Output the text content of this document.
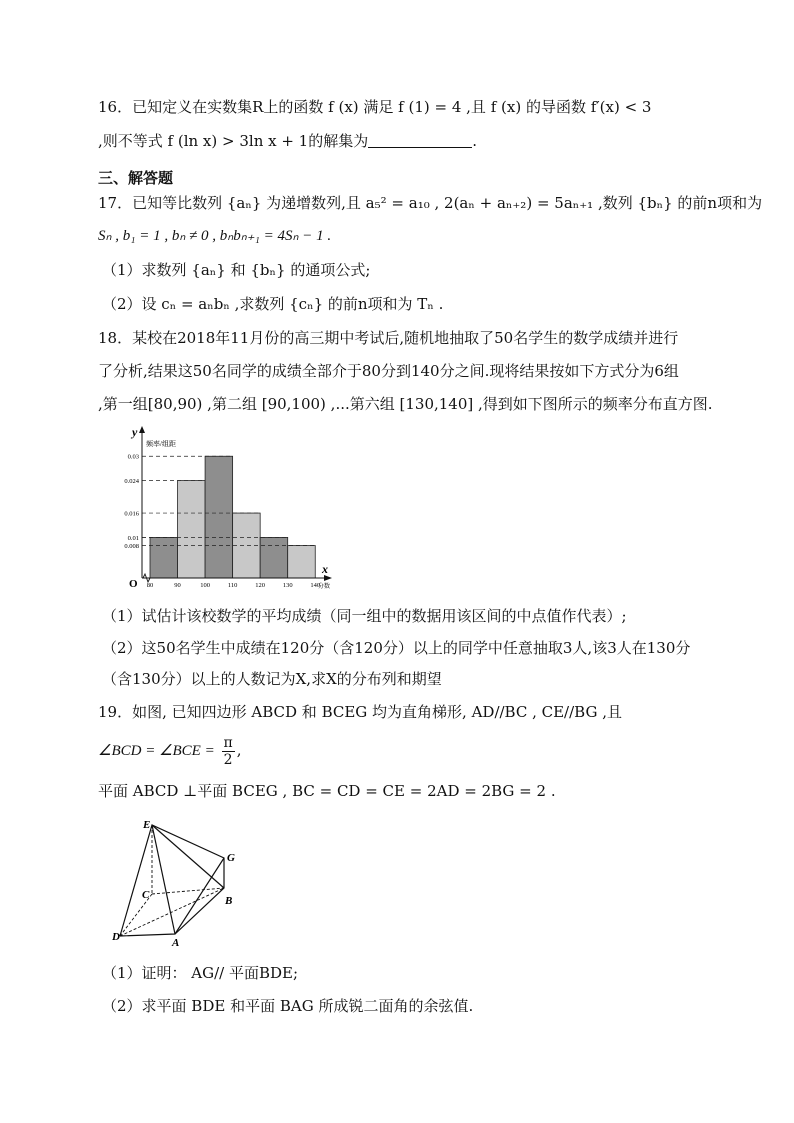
16．已知定义在实数集R上的函数 f (x) 满足 f (1) = 4 ,且 f (x) 的导函数 f′(x) < 3
,则不等式 f (ln x) > 3ln x + 1的解集为	.
三、解答题
17．已知等比数列 {aₙ} 为递增数列,且 a₅² = a₁₀ , 2(aₙ + aₙ₊₂) = 5aₙ₊₁ ,数列 {bₙ} 的前n项和为
Sₙ , b₁ = 1 , bₙ ≠ 0 , bₙbₙ₊₁ = 4Sₙ − 1 .
（1）求数列 {aₙ} 和 {bₙ} 的通项公式;
（2）设 cₙ = aₙbₙ ,求数列 {cₙ} 的前n项和为 Tₙ .
18．某校在2018年11月份的高三期中考试后,随机地抽取了50名学生的数学成绩并进行
了分析,结果这50名同学的成绩全部介于80分到140分之间.现将结果按如下方式分为6组
,第一组[80,90) ,第二组 [90,100) ,...第六组 [130,140] ,得到如下图所示的频率分布直方图.
0.008
0.01
0.016
0.024
0.03
80	90	100	110	120	130	140
y
频率/组距
x
分数
O
（1）试估计该校数学的平均成绩（同一组中的数据用该区间的中点值作代表）;
（2）这50名学生中成绩在120分（含120分）以上的同学中任意抽取3人,该3人在130分
（含130分）以上的人数记为X,求X的分布列和期望
19．如图, 已知四边形 ABCD 和 BCEG 均为直角梯形, AD//BC , CE//BG ,且
∠BCD = ∠BCE = $\frac{\pi}{2}$ ,
平面 ABCD ⊥平面 BCEG , BC = CD = CE = 2AD = 2BG = 2 .
E
G
C	B
D	A
（1）证明： AG// 平面BDE;
（2）求平面 BDE 和平面 BAG 所成锐二面角的余弦值.
